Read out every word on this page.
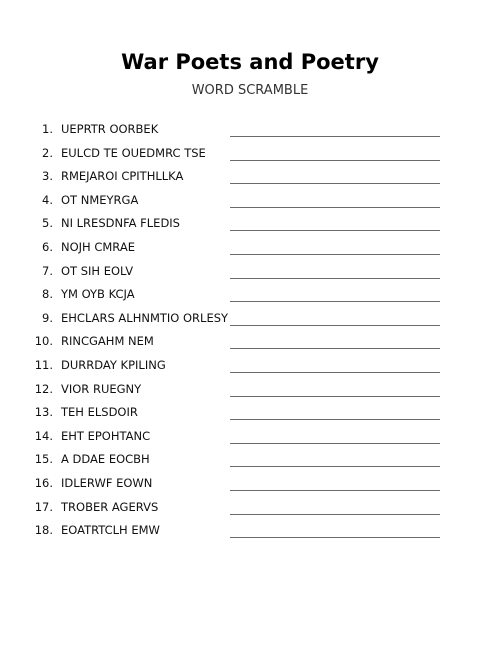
War Poets and Poetry
WORD SCRAMBLE
1. UEPRTR OORBEK
2. EULCD TE OUEDMRC TSE
3. RMEJAROI CPITHLLKA
4. OT NMEYRGA
5. NI LRESDNFA FLEDIS
6. NOJH CMRAE
7. OT SIH EOLV
8. YM OYB KCJA
9. EHCLARS ALHNMTIO ORLESY
10. RINCGAHM NEM
11. DURRDAY KPILING
12. VIOR RUEGNY
13. TEH ELSDOIR
14. EHT EPOHTANC
15. A DDAE EOCBH
16. IDLERWF EOWN
17. TROBER AGERVS
18. EOATRTCLH EMW
